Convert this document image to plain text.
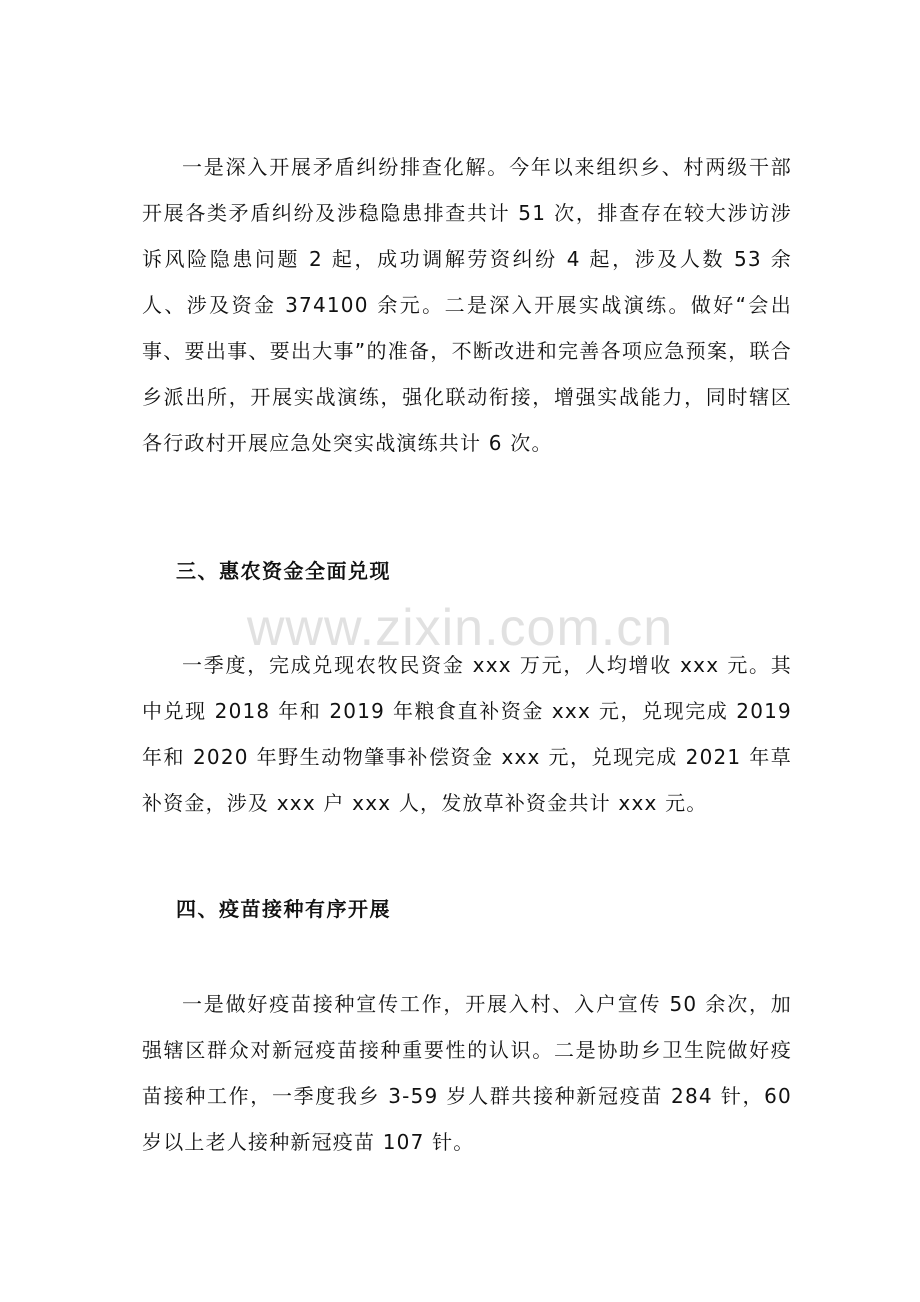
一是深入开展矛盾纠纷排查化解。今年以来组织乡、村两级干部开展各类矛盾纠纷及涉稳隐患排查共计 51 次，排查存在较大涉访涉诉风险隐患问题 2 起，成功调解劳资纠纷 4 起，涉及人数 53 余人、涉及资金 374100 余元。二是深入开展实战演练。做好“会出事、要出事、要出大事”的准备，不断改进和完善各项应急预案，联合乡派出所，开展实战演练，强化联动衔接，增强实战能力，同时辖区各行政村开展应急处突实战演练共计 6 次。

三、惠农资金全面兑现
www.zixin.com.cn

一季度，完成兑现农牧民资金 xxx 万元，人均增收 xxx 元。其中兑现 2018 年和 2019 年粮食直补资金 xxx 元，兑现完成 2019 年和 2020 年野生动物肇事补偿资金 xxx 元，兑现完成 2021 年草补资金，涉及 xxx 户 xxx 人，发放草补资金共计 xxx 元。

四、疫苗接种有序开展

一是做好疫苗接种宣传工作，开展入村、入户宣传 50 余次，加强辖区群众对新冠疫苗接种重要性的认识。二是协助乡卫生院做好疫苗接种工作，一季度我乡 3-59 岁人群共接种新冠疫苗 284 针，60 岁以上老人接种新冠疫苗 107 针。
